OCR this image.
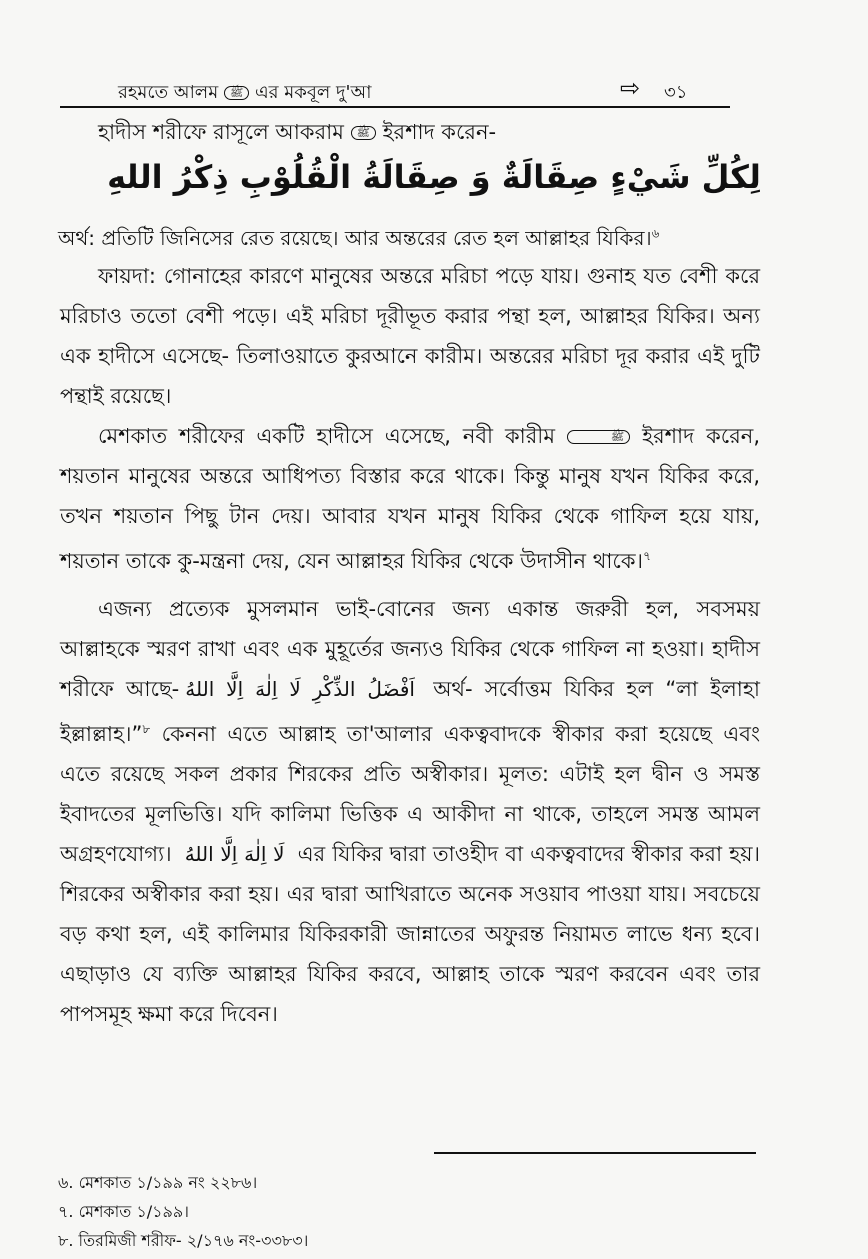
রহমতে আলম ﷺ এর মকবূল দু'আ	⇨ ৩১
হাদীস শরীফে রাসূলে আকরাম ﷺ ইরশাদ করেন-
لِكُلِّ شَيْءٍ صِقَالَةٌ وَ صِقَالَةُ الْقُلُوْبِ ذِكْرُ اللهِ
অর্থ: প্রতিটি জিনিসের রেত রয়েছে। আর অন্তরের রেত হল আল্লাহর যিকির।$^৬$

ফায়দা: গোনাহের কারণে মানুষের অন্তরে মরিচা পড়ে যায়। গুনাহ যত বেশী করে মরিচাও ততো বেশী পড়ে। এই মরিচা দূরীভূত করার পন্থা হল, আল্লাহর যিকির। অন্য এক হাদীসে এসেছে- তিলাওয়াতে কুরআনে কারীম। অন্তরের মরিচা দূর করার এই দুটি পন্থাই রয়েছে।

মেশকাত শরীফের একটি হাদীসে এসেছে, নবী কারীম	ﷺ ইরশাদ করেন, শয়তান মানুষের অন্তরে আধিপত্য বিস্তার করে থাকে। কিন্তু মানুষ যখন যিকির করে, তখন শয়তান পিছু টান দেয়। আবার যখন মানুষ যিকির থেকে গাফিল হয়ে যায়, শয়তান তাকে কু-মন্ত্রনা দেয়, যেন আল্লাহর যিকির থেকে উদাসীন থাকে।$^৭$

এজন্য প্রত্যেক মুসলমান ভাই-বোনের জন্য একান্ত জরুরী হল, সবসময় আল্লাহকে স্মরণ রাখা এবং এক মুহূর্তের জন্যও যিকির থেকে গাফিল না হওয়া। হাদীস শরীফে আছে- اَفْضَلُ الذِّكْرِ لَا اِلٰهَ اِلَّا اللهُ অর্থ- সর্বোত্তম যিকির হল “লা ইলাহা ইল্লাল্লাহ।”$^৮$ কেননা এতে আল্লাহ তা'আলার একত্ববাদকে স্বীকার করা হয়েছে এবং এতে রয়েছে সকল প্রকার শিরকের প্রতি অস্বীকার। মূলত: এটাই হল দ্বীন ও সমস্ত ইবাদতের মূলভিত্তি। যদি কালিমা ভিত্তিক এ আকীদা না থাকে, তাহলে সমস্ত আমল অগ্রহণযোগ্য। لَا اِلٰهَ اِلَّا اللهُ এর যিকির দ্বারা তাওহীদ বা একত্ববাদের স্বীকার করা হয়। শিরকের অস্বীকার করা হয়। এর দ্বারা আখিরাতে অনেক সওয়াব পাওয়া যায়। সবচেয়ে বড় কথা হল, এই কালিমার যিকিরকারী জান্নাতের অফুরন্ত নিয়ামত লাভে ধন্য হবে। এছাড়াও যে ব্যক্তি আল্লাহর যিকির করবে, আল্লাহ তাকে স্মরণ করবেন এবং তার পাপসমূহ ক্ষমা করে দিবেন।

৬. মেশকাত ১/১৯৯ নং ২২৮৬।
৭. মেশকাত ১/১৯৯।
৮. তিরমিজী শরীফ- ২/১৭৬ নং-৩৩৮৩।
